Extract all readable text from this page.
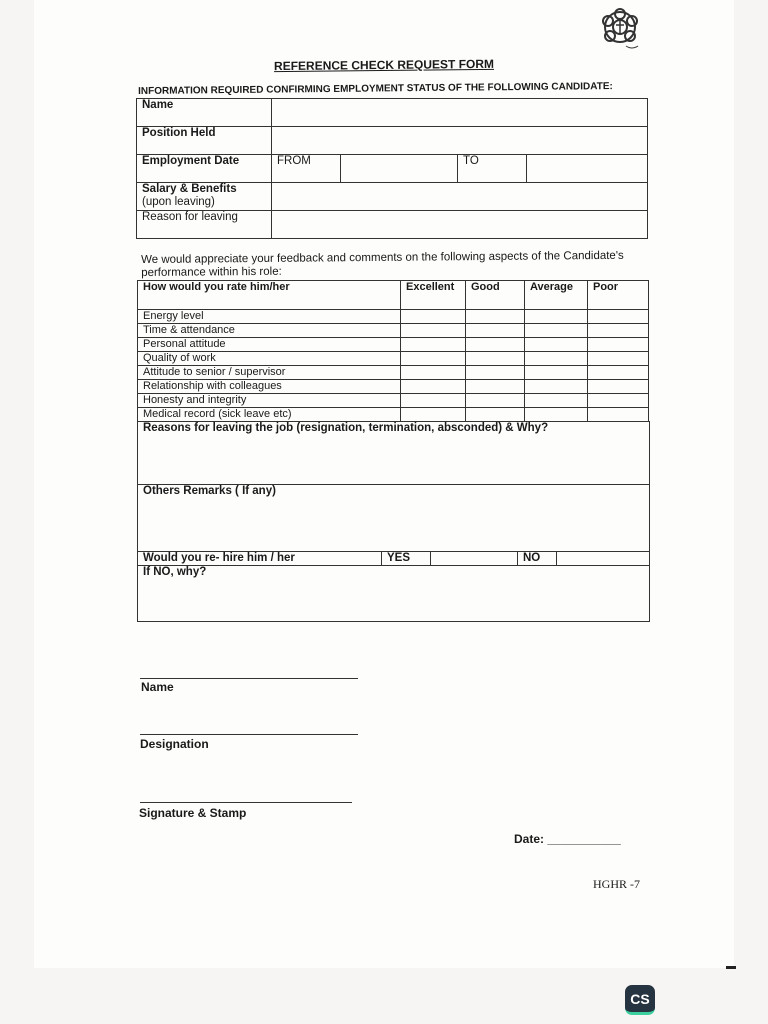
REFERENCE CHECK REQUEST FORM
INFORMATION REQUIRED CONFIRMING EMPLOYMENT STATUS OF THE FOLLOWING CANDIDATE:
Name				
Position Held				
Employment Date	FROM		TO	
Salary & Benefits
(upon leaving)				
Reason for leaving				
We would appreciate your feedback and comments on the following aspects of the Candidate's performance within his role:
How would you rate him/her	Excellent	Good	Average	Poor
Energy level				
Time & attendance				
Personal attitude				
Quality of work				
Attitude to senior / supervisor				
Relationship with colleagues				
Honesty and integrity				
Medical record (sick leave etc)				
Reasons for leaving the job (resignation, termination, absconded) & Why?
Others Remarks ( If any)
Would you re- hire him / her	YES		NO	
If NO, why?
Name
Designation
Signature & Stamp
Date: ___________
HGHR -7
CS
